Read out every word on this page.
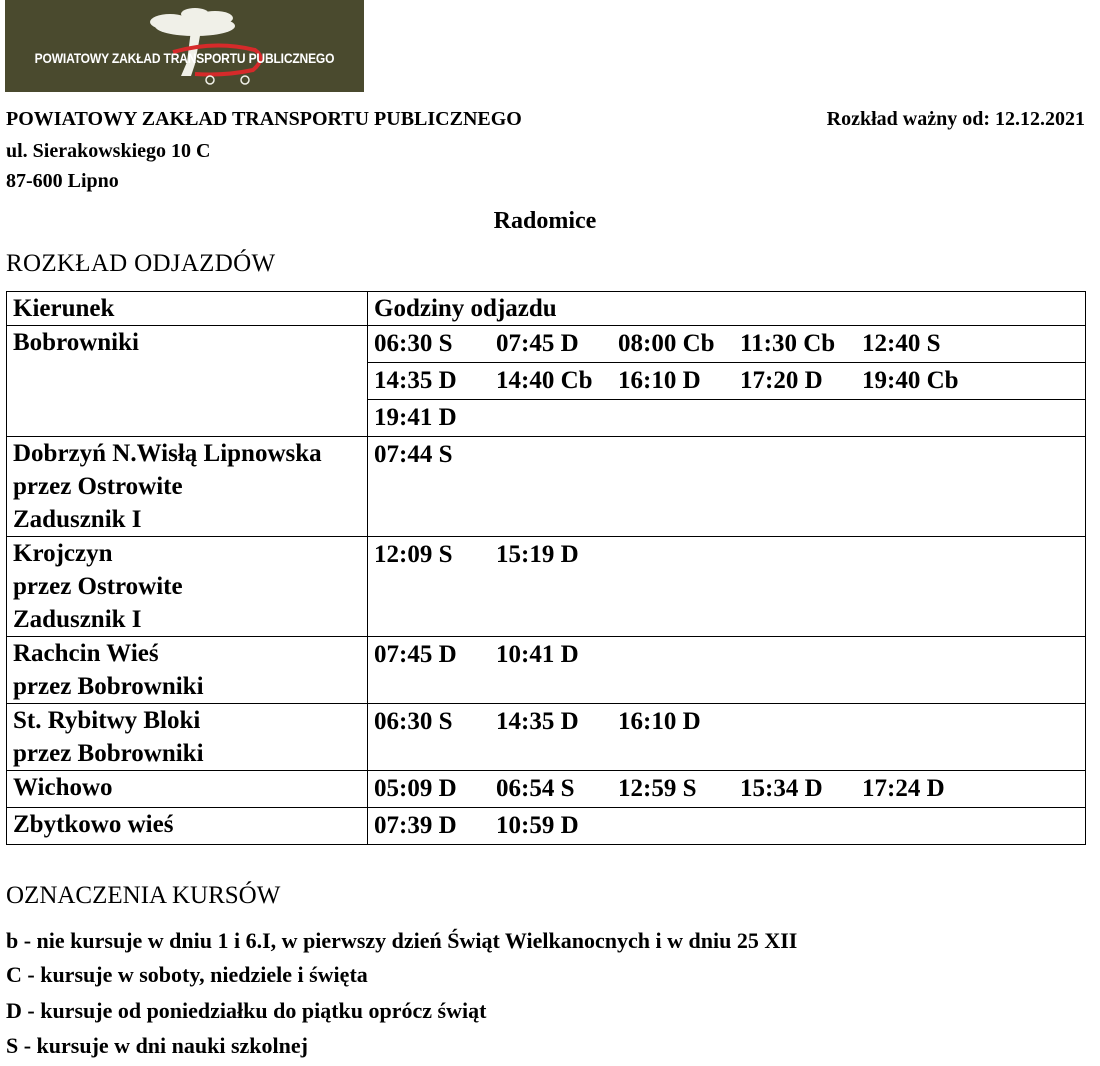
POWIATOWY ZAKŁAD TRANSPORTU PUBLICZNEGO
POWIATOWY ZAKŁAD TRANSPORTU PUBLICZNEGO
ul. Sierakowskiego 10 C
87-600 Lipno
Rozkład ważny od: 12.12.2021
Radomice
ROZKŁAD ODJAZDÓW
Kierunek	Godziny odjazdu

Bobrowniki	06:30 S 07:45 D 08:00 Cb 11:30 Cb 12:40 S
14:35 D 14:40 Cb 16:10 D 17:20 D 19:40 Cb
19:41 D

Dobrzyń N.Wisłą Lipnowska
przez Ostrowite
Zadusznik I	07:44 S

Krojczyn
przez Ostrowite
Zadusznik I	12:09 S 15:19 D

Rachcin Wieś
przez Bobrowniki	07:45 D 10:41 D

St. Rybitwy Bloki
przez Bobrowniki	06:30 S 14:35 D 16:10 D

Wichowo	05:09 D 06:54 S 12:59 S 15:34 D 17:24 D

Zbytkowo wieś	07:39 D 10:59 D
OZNACZENIA KURSÓW
b - nie kursuje w dniu 1 i 6.I, w pierwszy dzień Świąt Wielkanocnych i w dniu 25 XII
C - kursuje w soboty, niedziele i święta
D - kursuje od poniedziałku do piątku oprócz świąt
S - kursuje w dni nauki szkolnej
